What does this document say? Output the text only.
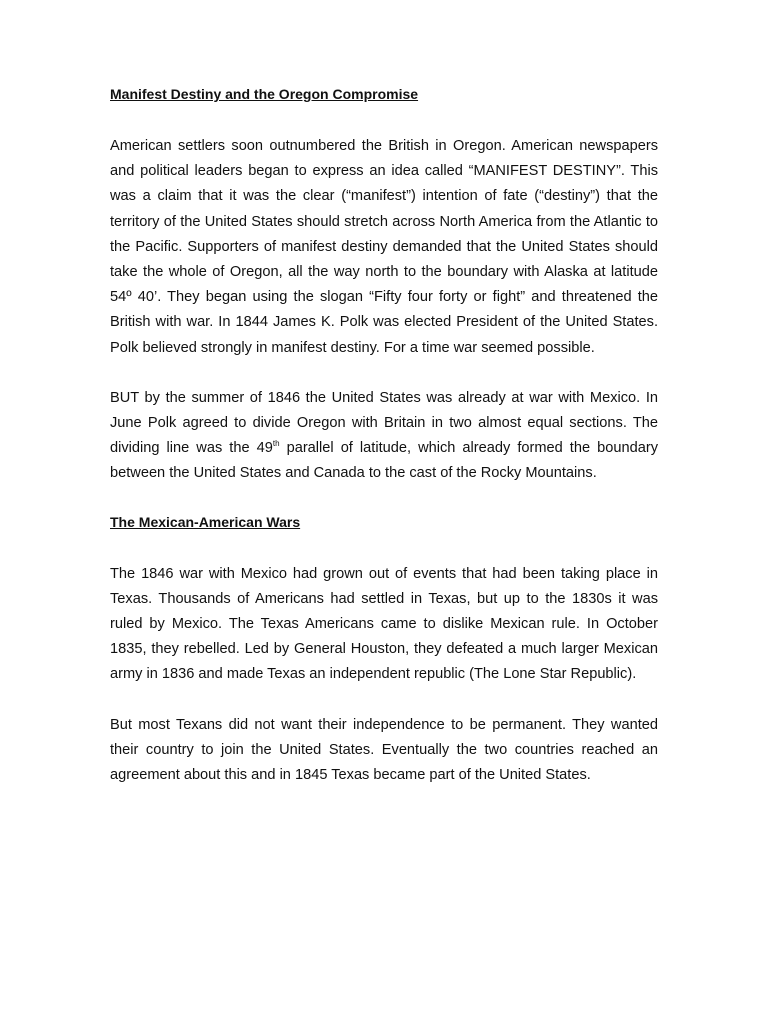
Manifest Destiny and the Oregon Compromise

American settlers soon outnumbered the British in Oregon. American newspapers and political leaders began to express an idea called “MANIFEST DESTINY”. This was a claim that it was the clear (“manifest”) intention of fate (“destiny”) that the territory of the United States should stretch across North America from the Atlantic to the Pacific. Supporters of manifest destiny demanded that the United States should take the whole of Oregon, all the way north to the boundary with Alaska at latitude 54º 40’. They began using the slogan “Fifty four forty or fight” and threatened the British with war. In 1844 James K. Polk was elected President of the United States. Polk believed strongly in manifest destiny. For a time war seemed possible.

BUT by the summer of 1846 the United States was already at war with Mexico. In June Polk agreed to divide Oregon with Britain in two almost equal sections. The dividing line was the 49th parallel of latitude, which already formed the boundary between the United States and Canada to the cast of the Rocky Mountains.

The Mexican-American Wars

The 1846 war with Mexico had grown out of events that had been taking place in Texas. Thousands of Americans had settled in Texas, but up to the 1830s it was ruled by Mexico. The Texas Americans came to dislike Mexican rule. In October 1835, they rebelled. Led by General Houston, they defeated a much larger Mexican army in 1836 and made Texas an independent republic (The Lone Star Republic).

But most Texans did not want their independence to be permanent. They wanted their country to join the United States. Eventually the two countries reached an agreement about this and in 1845 Texas became part of the United States.
